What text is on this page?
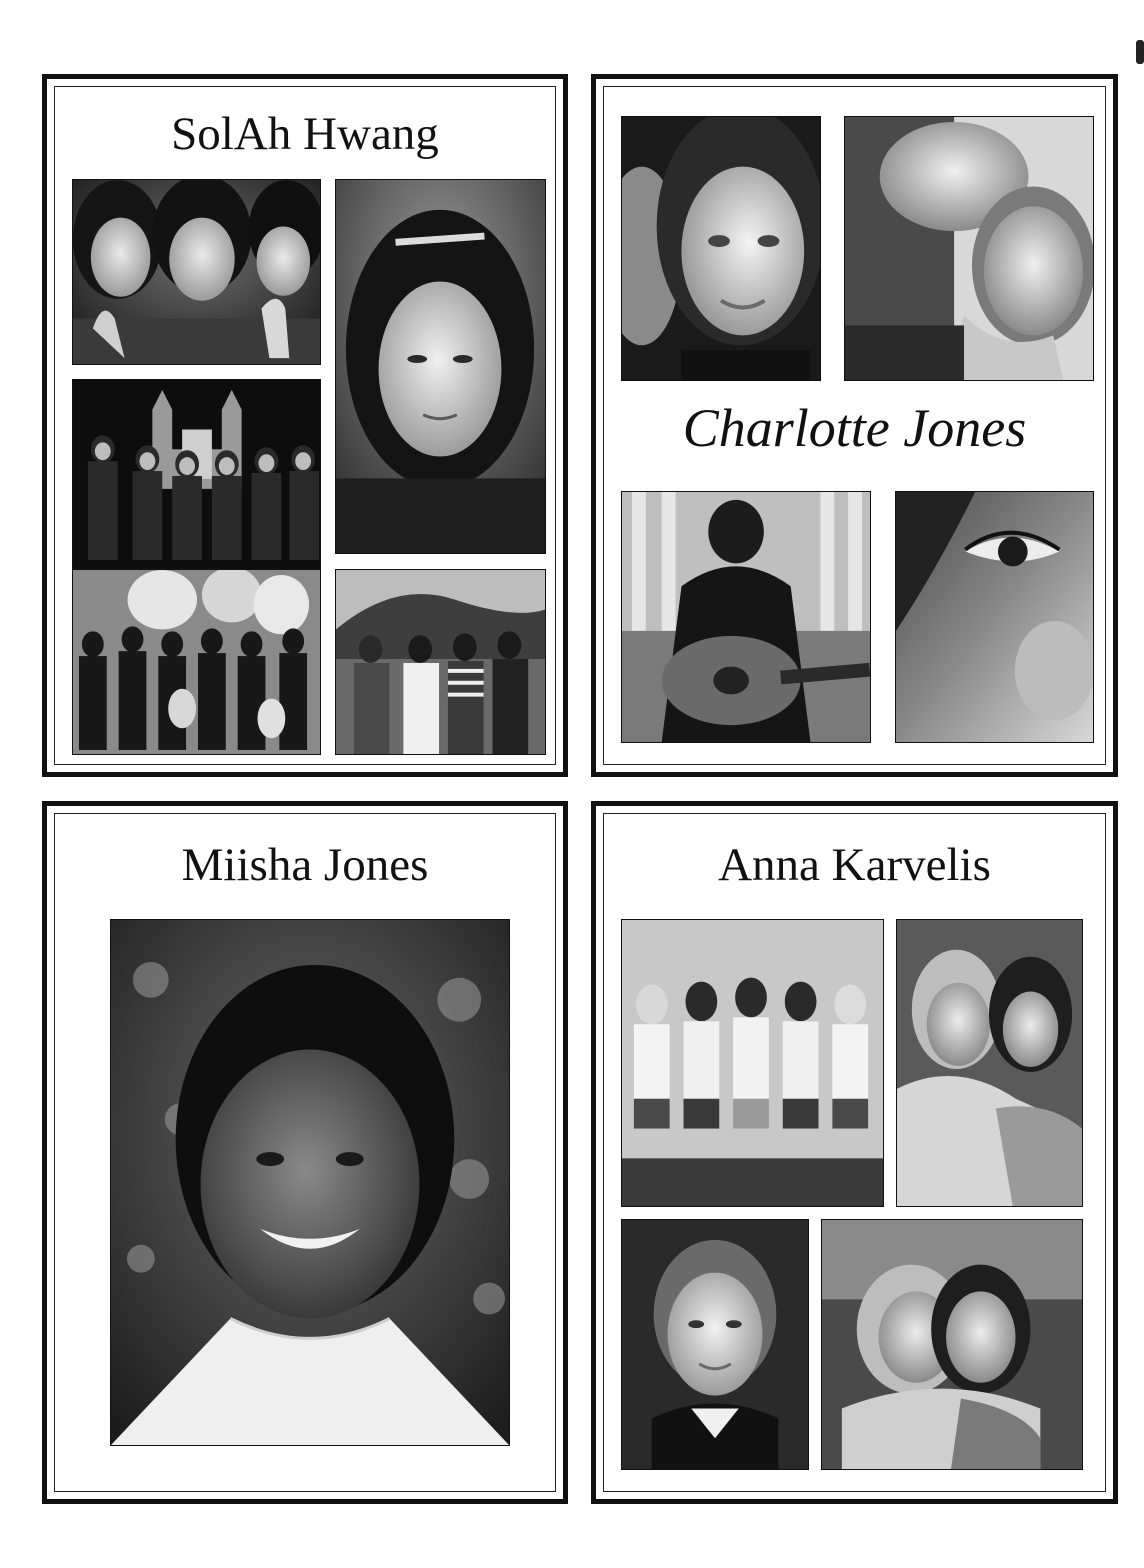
SolAh Hwang
Charlotte Jones
Miisha Jones	Anna Karvelis
